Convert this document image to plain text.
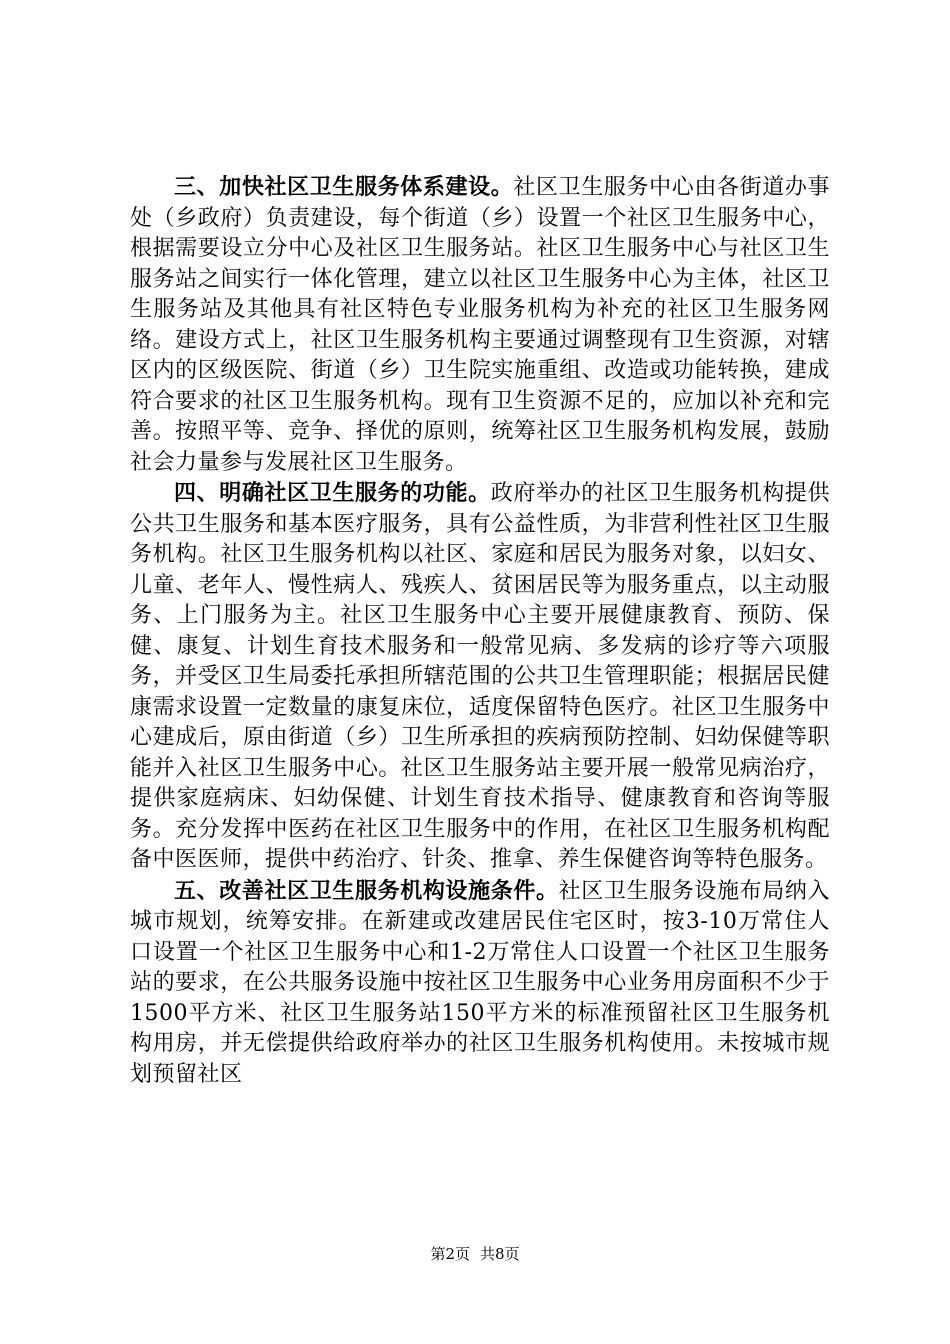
三、加快社区卫生服务体系建设。社区卫生服务中心由各街道办事处（乡政府）负责建设，每个街道（乡）设置一个社区卫生服务中心，根据需要设立分中心及社区卫生服务站。社区卫生服务中心与社区卫生服务站之间实行一体化管理，建立以社区卫生服务中心为主体，社区卫生服务站及其他具有社区特色专业服务机构为补充的社区卫生服务网络。建设方式上，社区卫生服务机构主要通过调整现有卫生资源，对辖区内的区级医院、街道（乡）卫生院实施重组、改造或功能转换，建成符合要求的社区卫生服务机构。现有卫生资源不足的，应加以补充和完善。按照平等、竞争、择优的原则，统筹社区卫生服务机构发展，鼓励社会力量参与发展社区卫生服务。

四、明确社区卫生服务的功能。政府举办的社区卫生服务机构提供公共卫生服务和基本医疗服务，具有公益性质，为非营利性社区卫生服务机构。社区卫生服务机构以社区、家庭和居民为服务对象，以妇女、儿童、老年人、慢性病人、残疾人、贫困居民等为服务重点，以主动服务、上门服务为主。社区卫生服务中心主要开展健康教育、预防、保健、康复、计划生育技术服务和一般常见病、多发病的诊疗等六项服务，并受区卫生局委托承担所辖范围的公共卫生管理职能；根据居民健康需求设置一定数量的康复床位，适度保留特色医疗。社区卫生服务中心建成后，原由街道（乡）卫生所承担的疾病预防控制、妇幼保健等职能并入社区卫生服务中心。社区卫生服务站主要开展一般常见病治疗，提供家庭病床、妇幼保健、计划生育技术指导、健康教育和咨询等服务。充分发挥中医药在社区卫生服务中的作用，在社区卫生服务机构配备中医医师，提供中药治疗、针灸、推拿、养生保健咨询等特色服务。

五、改善社区卫生服务机构设施条件。社区卫生服务设施布局纳入城市规划，统筹安排。在新建或改建居民住宅区时，按3-10万常住人口设置一个社区卫生服务中心和1-2万常住人口设置一个社区卫生服务站的要求，在公共服务设施中按社区卫生服务中心业务用房面积不少于1500平方米、社区卫生服务站150平方米的标准预留社区卫生服务机构用房，并无偿提供给政府举办的社区卫生服务机构使用。未按城市规划预留社区

第2页 共8页
